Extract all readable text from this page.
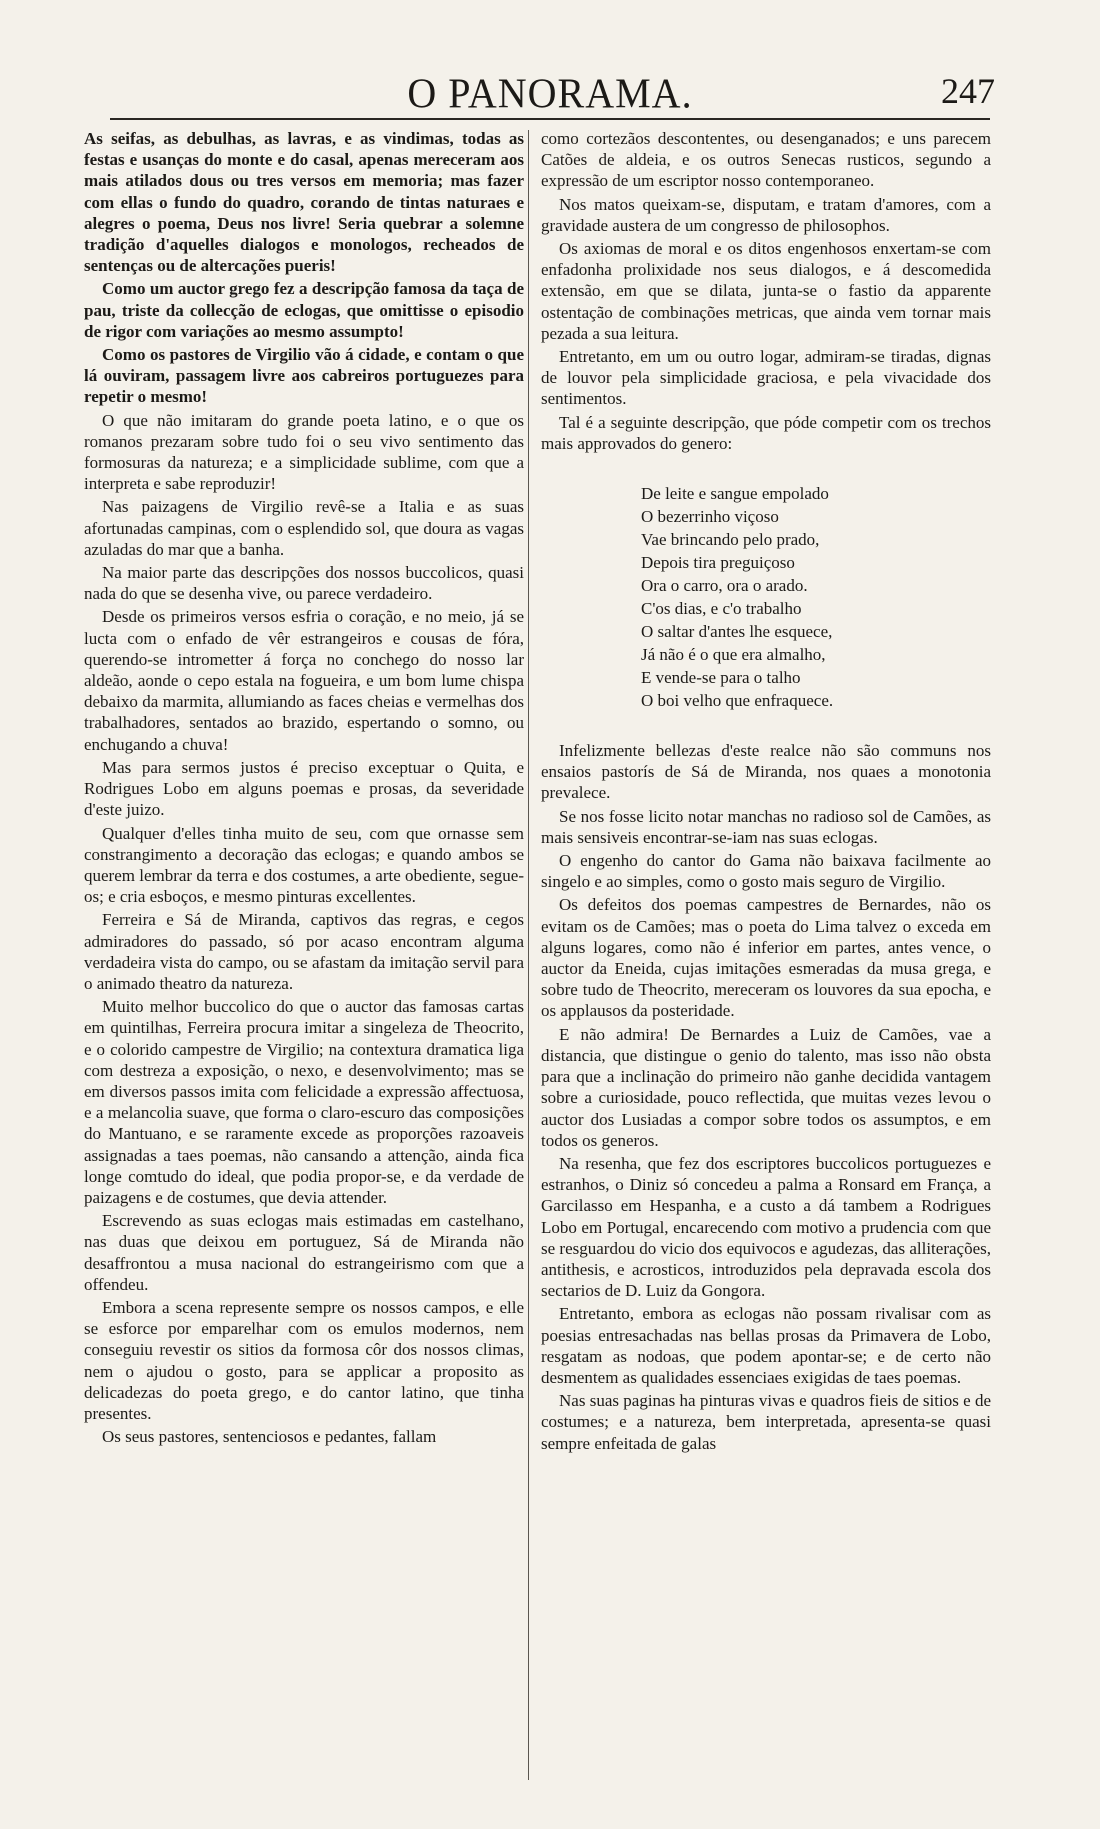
O PANORAMA.	247

As seifas, as debulhas, as lavras, e as vindimas, todas as festas e usanças do monte e do casal, apenas mereceram aos mais atilados dous ou tres versos em memoria; mas fazer com ellas o fundo do quadro, corando de tintas naturaes e alegres o poema, Deus nos livre! Seria quebrar a solemne tradição d'aquelles dialogos e monologos, recheados de sentenças ou de altercações pueris!

Como um auctor grego fez a descripção famosa da taça de pau, triste da collecção de eclogas, que omittisse o episodio de rigor com variações ao mesmo assumpto!

Como os pastores de Virgilio vão á cidade, e contam o que lá ouviram, passagem livre aos cabreiros portuguezes para repetir o mesmo!

O que não imitaram do grande poeta latino, e o que os romanos prezaram sobre tudo foi o seu vivo sentimento das formosuras da natureza; e a simplicidade sublime, com que a interpreta e sabe reproduzir!

Nas paizagens de Virgilio revê-se a Italia e as suas afortunadas campinas, com o esplendido sol, que doura as vagas azuladas do mar que a banha.

Na maior parte das descripções dos nossos buccolicos, quasi nada do que se desenha vive, ou parece verdadeiro.

Desde os primeiros versos esfria o coração, e no meio, já se lucta com o enfado de vêr estrangeiros e cousas de fóra, querendo-se intrometter á força no conchego do nosso lar aldeão, aonde o cepo estala na fogueira, e um bom lume chispa debaixo da marmita, allumiando as faces cheias e vermelhas dos trabalhadores, sentados ao brazido, espertando o somno, ou enchugando a chuva!

Mas para sermos justos é preciso exceptuar o Quita, e Rodrigues Lobo em alguns poemas e prosas, da severidade d'este juizo.

Qualquer d'elles tinha muito de seu, com que ornasse sem constrangimento a decoração das eclogas; e quando ambos se querem lembrar da terra e dos costumes, a arte obediente, segue-os; e cria esboços, e mesmo pinturas excellentes.

Ferreira e Sá de Miranda, captivos das regras, e cegos admiradores do passado, só por acaso encontram alguma verdadeira vista do campo, ou se afastam da imitação servil para o animado theatro da natureza.

Muito melhor buccolico do que o auctor das famosas cartas em quintilhas, Ferreira procura imitar a singeleza de Theocrito, e o colorido campestre de Virgilio; na contextura dramatica liga com destreza a exposição, o nexo, e desenvolvimento; mas se em diversos passos imita com felicidade a expressão affectuosa, e a melancolia suave, que forma o claro-escuro das composições do Mantuano, e se raramente excede as proporções razoaveis assignadas a taes poemas, não cansando a attenção, ainda fica longe comtudo do ideal, que podia propor-se, e da verdade de paizagens e de costumes, que devia attender.

Escrevendo as suas eclogas mais estimadas em castelhano, nas duas que deixou em portuguez, Sá de Miranda não desaffrontou a musa nacional do estrangeirismo com que a offendeu.

Embora a scena represente sempre os nossos campos, e elle se esforce por emparelhar com os emulos modernos, nem conseguiu revestir os sitios da formosa côr dos nossos climas, nem o ajudou o gosto, para se applicar a proposito as delicadezas do poeta grego, e do cantor latino, que tinha presentes.

Os seus pastores, sentenciosos e pedantes, fallam

como cortezãos descontentes, ou desenganados; e uns parecem Catões de aldeia, e os outros Senecas rusticos, segundo a expressão de um escriptor nosso contemporaneo.

Nos matos queixam-se, disputam, e tratam d'amores, com a gravidade austera de um congresso de philosophos.

Os axiomas de moral e os ditos engenhosos enxertam-se com enfadonha prolixidade nos seus dialogos, e á descomedida extensão, em que se dilata, junta-se o fastio da apparente ostentação de combinações metricas, que ainda vem tornar mais pezada a sua leitura.

Entretanto, em um ou outro logar, admiram-se tiradas, dignas de louvor pela simplicidade graciosa, e pela vivacidade dos sentimentos.

Tal é a seguinte descripção, que póde competir com os trechos mais approvados do genero:

De leite e sangue empolado
O bezerrinho viçoso
Vae brincando pelo prado,
Depois tira preguiçoso
Ora o carro, ora o arado.
C'os dias, e c'o trabalho
O saltar d'antes lhe esquece,
Já não é o que era almalho,
E vende-se para o talho
O boi velho que enfraquece.

Infelizmente bellezas d'este realce não são communs nos ensaios pastorís de Sá de Miranda, nos quaes a monotonia prevalece.

Se nos fosse licito notar manchas no radioso sol de Camões, as mais sensiveis encontrar-se-iam nas suas eclogas.

O engenho do cantor do Gama não baixava facilmente ao singelo e ao simples, como o gosto mais seguro de Virgilio.

Os defeitos dos poemas campestres de Bernardes, não os evitam os de Camões; mas o poeta do Lima talvez o exceda em alguns logares, como não é inferior em partes, antes vence, o auctor da Eneida, cujas imitações esmeradas da musa grega, e sobre tudo de Theocrito, mereceram os louvores da sua epocha, e os applausos da posteridade.

E não admira! De Bernardes a Luiz de Camões, vae a distancia, que distingue o genio do talento, mas isso não obsta para que a inclinação do primeiro não ganhe decidida vantagem sobre a curiosidade, pouco reflectida, que muitas vezes levou o auctor dos Lusiadas a compor sobre todos os assumptos, e em todos os generos.

Na resenha, que fez dos escriptores buccolicos portuguezes e estranhos, o Diniz só concedeu a palma a Ronsard em França, a Garcilasso em Hespanha, e a custo a dá tambem a Rodrigues Lobo em Portugal, encarecendo com motivo a prudencia com que se resguardou do vicio dos equivocos e agudezas, das alliterações, antithesis, e acrosticos, introduzidos pela depravada escola dos sectarios de D. Luiz da Gongora.

Entretanto, embora as eclogas não possam rivalisar com as poesias entresachadas nas bellas prosas da Primavera de Lobo, resgatam as nodoas, que podem apontar-se; e de certo não desmentem as qualidades essenciaes exigidas de taes poemas.

Nas suas paginas ha pinturas vivas e quadros fieis de sitios e de costumes; e a natureza, bem interpretada, apresenta-se quasi sempre enfeitada de galas
